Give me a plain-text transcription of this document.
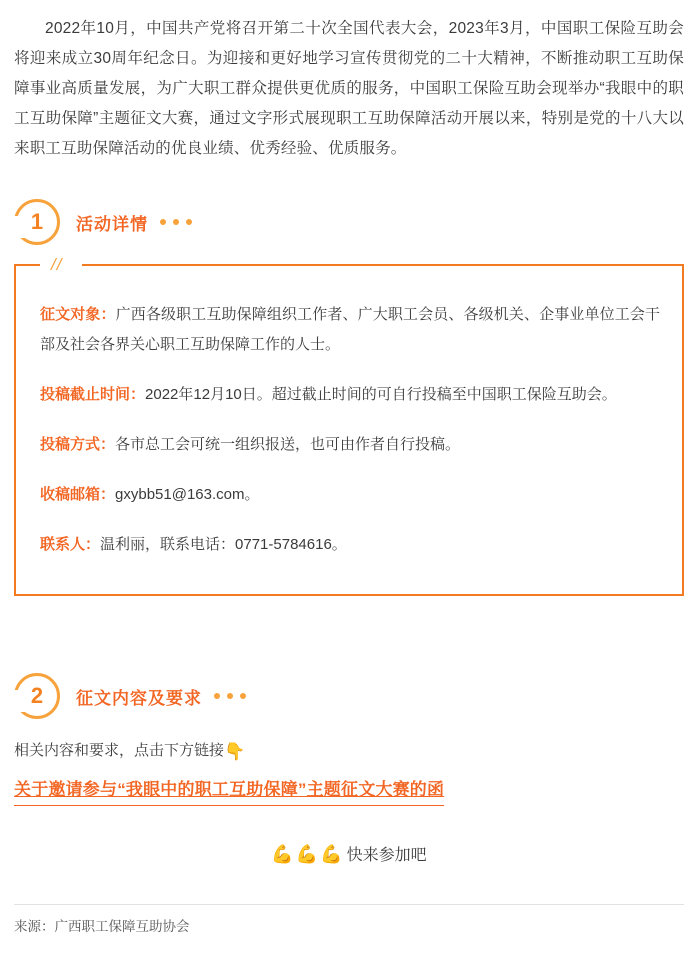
2022年10月，中国共产党将召开第二十次全国代表大会，2023年3月，中国职工保险互助会将迎来成立30周年纪念日。为迎接和更好地学习宣传贯彻党的二十大精神，不断推动职工互助保障事业高质量发展，为广大职工群众提供更优质的服务，中国职工保险互助会现举办“我眼中的职工互助保障”主题征文大赛，通过文字形式展现职工互助保障活动开展以来，特别是党的十八大以来职工互助保障活动的优良业绩、优秀经验、优质服务。

1 活动详情
//
征文对象：广西各级职工互助保障组织工作者、广大职工会员、各级机关、企事业单位工会干部及社会各界关心职工互助保障工作的人士。
投稿截止时间：2022年12月10日。超过截止时间的可自行投稿至中国职工保险互助会。
投稿方式：各市总工会可统一组织报送，也可由作者自行投稿。
收稿邮箱：gxybb51@163.com。
联系人：温利丽，联系电话：0771-5784616。
2 征文内容及要求
相关内容和要求，点击下方链接👇
关于邀请参与“我眼中的职工互助保障”主题征文大赛的函
💪💪💪 快来参加吧
来源：广西职工保障互助协会
